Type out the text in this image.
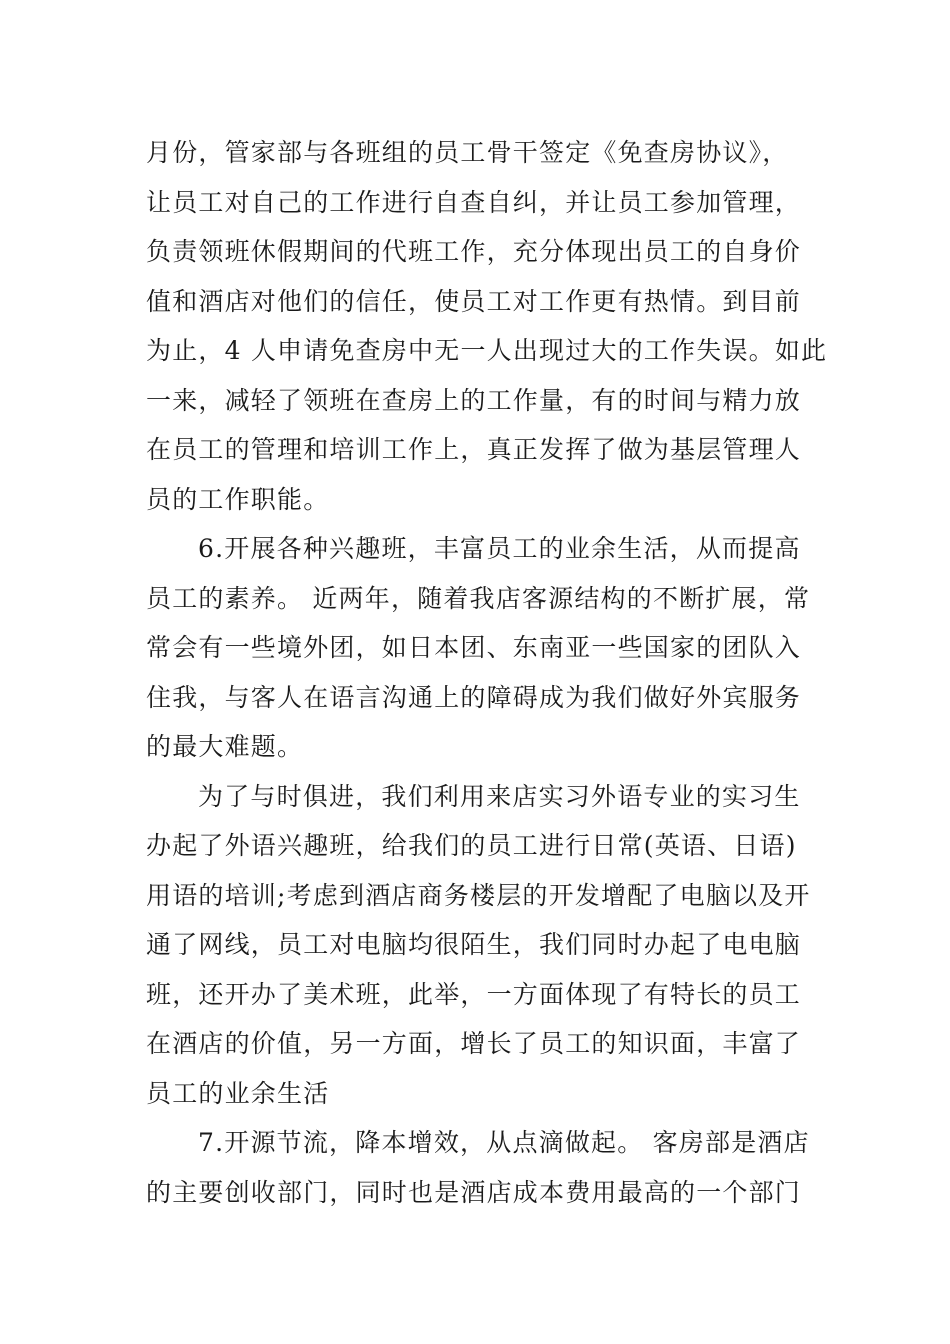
月份，管家部与各班组的员工骨干签定《免查房协议》，
让员工对自己的工作进行自查自纠，并让员工参加管理，
负责领班休假期间的代班工作，充分体现出员工的自身价
值和酒店对他们的信任，使员工对工作更有热情。到目前
为止，4 人申请免查房中无一人出现过大的工作失误。如此
一来，减轻了领班在查房上的工作量，有的时间与精力放
在员工的管理和培训工作上，真正发挥了做为基层管理人
员的工作职能。
6.开展各种兴趣班，丰富员工的业余生活，从而提高
员工的素养。 近两年，随着我店客源结构的不断扩展，常
常会有一些境外团，如日本团、东南亚一些国家的团队入
住我，与客人在语言沟通上的障碍成为我们做好外宾服务
的最大难题。
为了与时俱进，我们利用来店实习外语专业的实习生
办起了外语兴趣班，给我们的员工进行日常(英语、日语)
用语的培训;考虑到酒店商务楼层的开发增配了电脑以及开
通了网线，员工对电脑均很陌生，我们同时办起了电电脑
班，还开办了美术班，此举，一方面体现了有特长的员工
在酒店的价值，另一方面，增长了员工的知识面，丰富了
员工的业余生活
7.开源节流，降本增效，从点滴做起。 客房部是酒店
的主要创收部门，同时也是酒店成本费用最高的一个部门
